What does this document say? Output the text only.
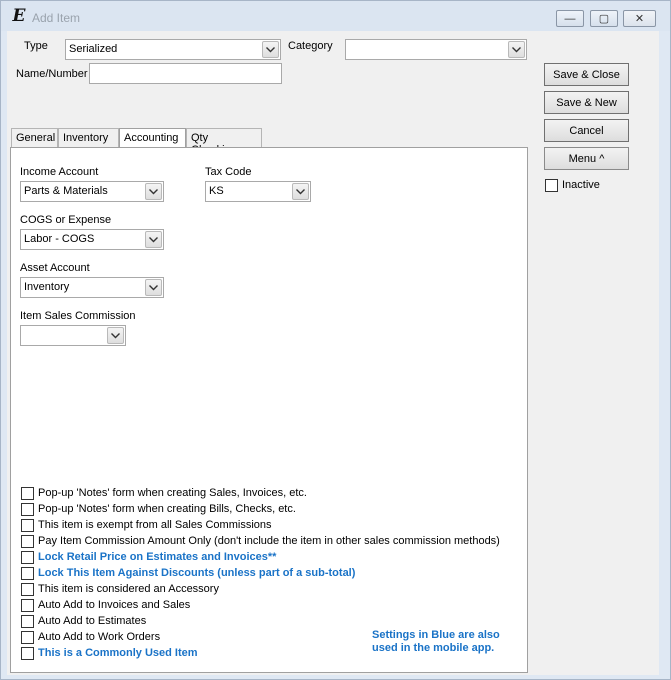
E Add Item	— ▢ ✕
Type Serialized	Category
Name/Number	Save & Close
Save & New
Cancel
Menu ^
Inactive
General Inventory	Accounting	Qty
Income Account
Parts & Materials
Tax Code
KS
COGS or Expense
Labor - COGS
Asset Account
Inventory
Item Sales Commission
Pop-up 'Notes' form when creating Sales, Invoices, etc.
Pop-up 'Notes' form when creating Bills, Checks, etc.
This item is exempt from all Sales Commissions
Pay Item Commission Amount Only (don't include the item in other sales commission methods)
Lock Retail Price on Estimates and Invoices**
Lock This Item Against Discounts (unless part of a sub-total)
This item is considered an Accessory
Auto Add to Invoices and Sales
Auto Add to Estimates
Auto Add to Work Orders
This is a Commonly Used Item
Settings in Blue are also
used in the mobile app.
